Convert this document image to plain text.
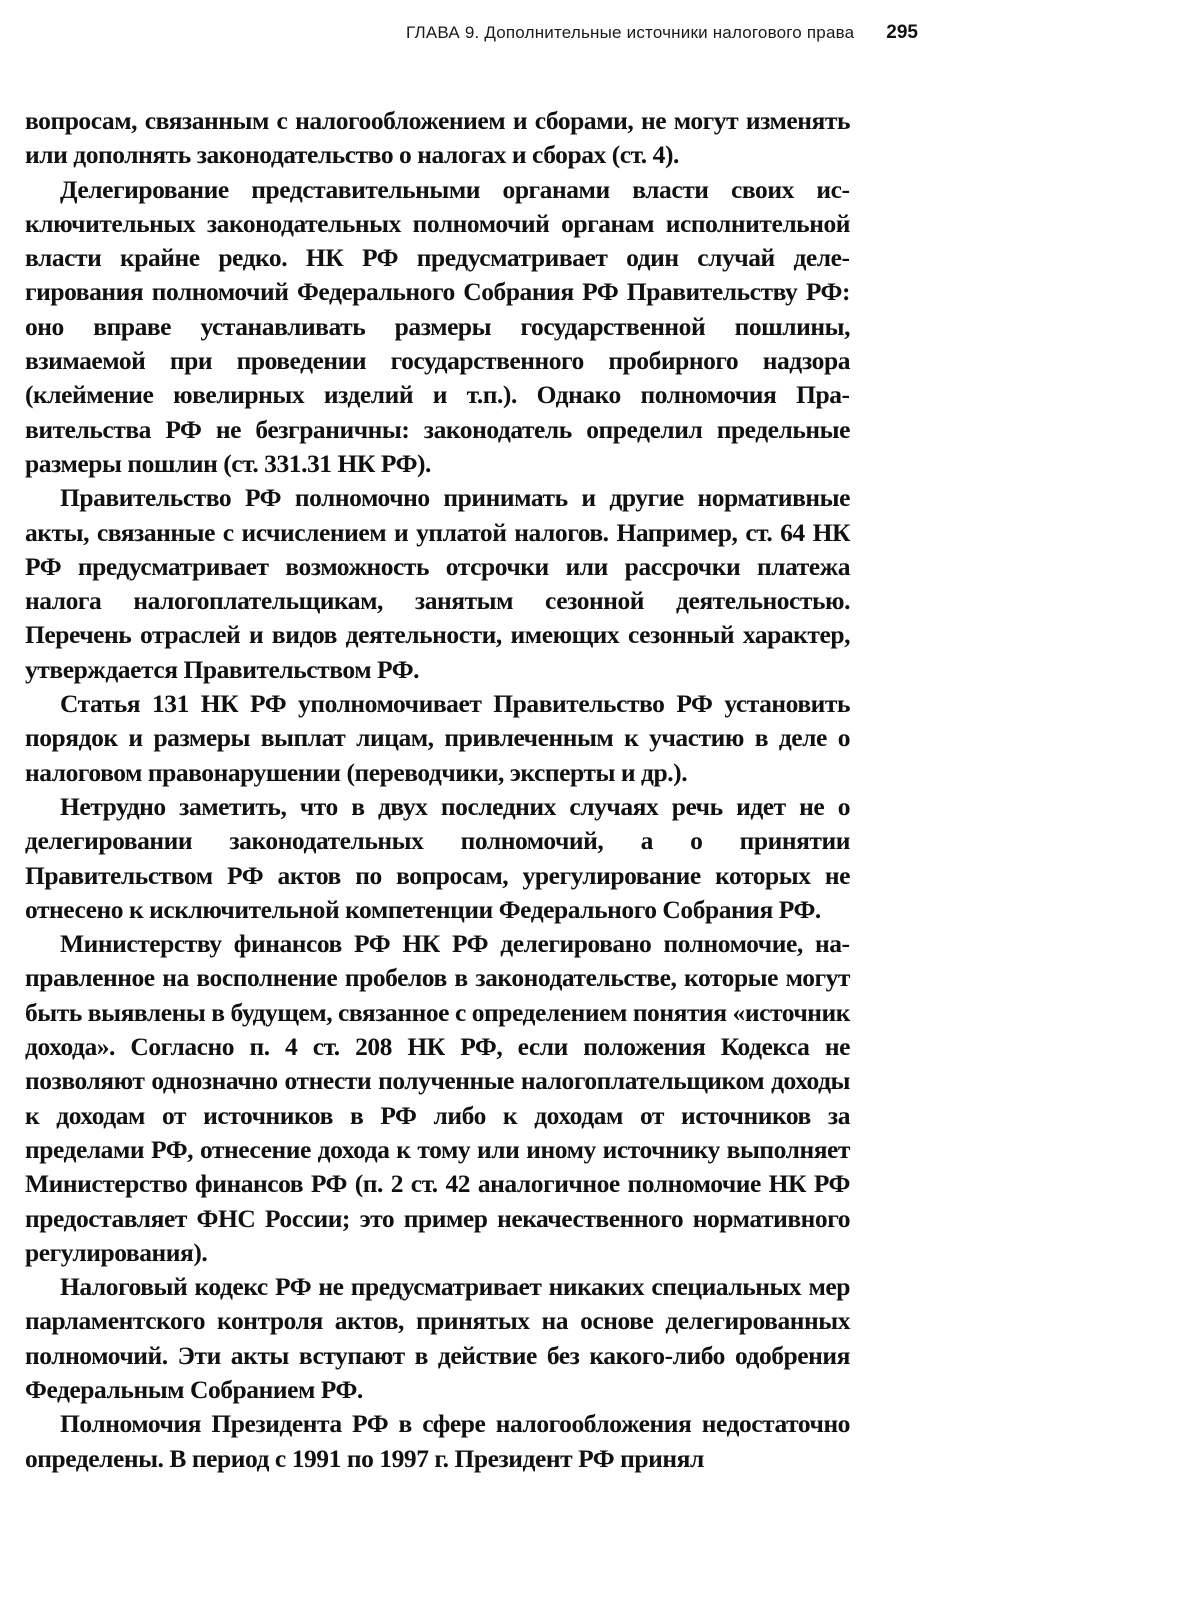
ГЛАВА 9. Дополнительные источники налогового права 295

вопросам, связанным с налогообложением и сборами, не могут изменять или дополнять законодательство о налогах и сборах (ст. 4).

Делегирование представительными органами власти своих исключительных законодательных полномочий органам исполнительной власти крайне редко. НК РФ предусматривает один случай делегирования полномочий Федерального Собрания РФ Правительству РФ: оно вправе устанавливать размеры государственной пошлины, взимаемой при проведении государственного пробирного надзора (клеймение ювелирных изделий и т.п.). Однако полномочия Правительства РФ не безграничны: законодатель определил предельные размеры пошлин (ст. 331.31 НК РФ).

Правительство РФ полномочно принимать и другие нормативные акты, связанные с исчислением и уплатой налогов. Например, ст. 64 НК РФ предусматривает возможность отсрочки или рассрочки платежа налога налогоплательщикам, занятым сезонной деятельностью. Перечень отраслей и видов деятельности, имеющих сезонный характер, утверждается Правительством РФ.

Статья 131 НК РФ уполномочивает Правительство РФ установить порядок и размеры выплат лицам, привлеченным к участию в деле о налоговом правонарушении (переводчики, эксперты и др.).

Нетрудно заметить, что в двух последних случаях речь идет не о делегировании законодательных полномочий, а о принятии Правительством РФ актов по вопросам, урегулирование которых не отнесено к исключительной компетенции Федерального Собрания РФ.

Министерству финансов РФ НК РФ делегировано полномочие, направленное на восполнение пробелов в законодательстве, которые могут быть выявлены в будущем, связанное с определением понятия «источник дохода». Согласно п. 4 ст. 208 НК РФ, если положения Кодекса не позволяют однозначно отнести полученные налогоплательщиком доходы к доходам от источников в РФ либо к доходам от источников за пределами РФ, отнесение дохода к тому или иному источнику выполняет Министерство финансов РФ (п. 2 ст. 42 аналогичное полномочие НК РФ предоставляет ФНС России; это пример некачественного нормативного регулирования).

Налоговый кодекс РФ не предусматривает никаких специальных мер парламентского контроля актов, принятых на основе делегированных полномочий. Эти акты вступают в действие без какого-либо одобрения Федеральным Собранием РФ.

Полномочия Президента РФ в сфере налогообложения недостаточно определены. В период с 1991 по 1997 г. Президент РФ принял
